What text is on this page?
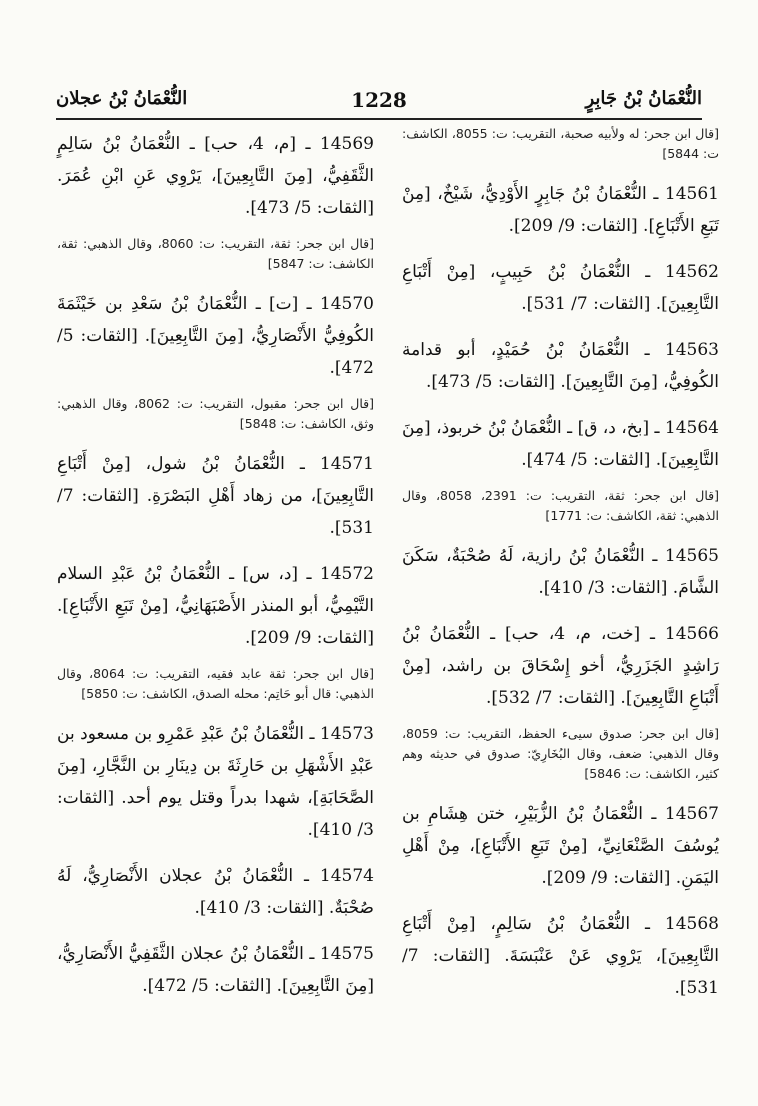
النُّعْمَانُ بْنُ جَابِرٍ
1228
النُّعْمَانُ بْنُ عجلان
[قال ابن جحر: له ولأبيه صحبة، التقريب: ت: 8055، الكاشف: ت: 5844]
14561 ـ النُّعْمَانُ بْنُ جَابِرٍ الأَوْدِيُّ، شَيْخٌ، [مِنْ تَبَعِ الأَتْبَاعِ]. [الثقات: 9/ 209].
14562 ـ النُّعْمَانُ بْنُ حَبِيبٍ، [مِنْ أَتْبَاعِ التَّابِعِينَ]. [الثقات: 7/ 531].
14563 ـ النُّعْمَانُ بْنُ حُمَيْدٍ، أبو قدامة الكُوفِيُّ، [مِنَ التَّابِعِينَ]. [الثقات: 5/ 473].
14564 ـ [بخ، د، ق] ـ النُّعْمَانُ بْنُ خربوذ، [مِنَ التَّابِعِينَ]. [الثقات: 5/ 474].
[قال ابن جحر: ثقة، التقريب: ت: 2391، 8058، وقال الذهبي: ثقة، الكاشف: ت: 1771]
14565 ـ النُّعْمَانُ بْنُ رازية، لَهُ صُحْبَةٌ، سَكَنَ الشَّامَ. [الثقات: 3/ 410].
14566 ـ [خت، م، 4، حب] ـ النُّعْمَانُ بْنُ رَاشِدٍ الجَزَرِيُّ، أخو إِسْحَاقَ بن راشد، [مِنْ أَتْبَاعِ التَّابِعِينَ]. [الثقات: 7/ 532].
[قال ابن جحر: صدوق سيىء الحفظ، التقريب: ت: 8059، وقال الذهبي: ضعف، وقال البُخَارِيّ: صدوق في حديثه وهم كثير، الكاشف: ت: 5846]
14567 ـ النُّعْمَانُ بْنُ الزُّبَيْرِ، ختن هِشَامِ بن يُوسُفَ الصَّنْعَانِيِّ، [مِنْ تَبَعِ الأَتْبَاعِ]، مِنْ أَهْلِ اليَمَنِ. [الثقات: 9/ 209].
14568 ـ النُّعْمَانُ بْنُ سَالِمٍ، [مِنْ أَتْبَاعِ التَّابِعِينَ]، يَرْوِي عَنْ عَنْبَسَةَ. [الثقات: 7/ 531].
14569 ـ [م، 4، حب] ـ النُّعْمَانُ بْنُ سَالِمٍ الثَّقَفِيُّ، [مِنَ التَّابِعِينَ]، يَرْوِي عَنِ ابْنِ عُمَرَ. [الثقات: 5/ 473].
[قال ابن جحر: ثقة، التقريب: ت: 8060، وقال الذهبي: ثقة، الكاشف: ت: 5847]
14570 ـ [ت] ـ النُّعْمَانُ بْنُ سَعْدِ بن خَيْثَمَةَ الكُوفِيُّ الأَنْصَارِيُّ، [مِنَ التَّابِعِينَ]. [الثقات: 5/ 472].
[قال ابن جحر: مقبول، التقريب: ت: 8062، وقال الذهبي: وثق، الكاشف: ت: 5848]
14571 ـ النُّعْمَانُ بْنُ شول، [مِنْ أَتْبَاعِ التَّابِعِينَ]، من زهاد أَهْلِ البَصْرَةِ. [الثقات: 7/ 531].
14572 ـ [د، س] ـ النُّعْمَانُ بْنُ عَبْدِ السلام التَّيْمِيُّ، أبو المنذر الأَصْبَهَانِيُّ، [مِنْ تَبَعِ الأَتْبَاعِ]. [الثقات: 9/ 209].
[قال ابن جحر: ثقة عابد فقيه، التقريب: ت: 8064، وقال الذهبي: قال أبو حَاتِم: محله الصدق، الكاشف: ت: 5850]
14573 ـ النُّعْمَانُ بْنُ عَبْدِ عَمْرِو بن مسعود بن عَبْدِ الأَشْهَلِ بن حَارِثَةَ بن دِينَارِ بن النَّجَّارِ، [مِنَ الصَّحَابَةِ]، شهدا بدراً وقتل يوم أحد. [الثقات: 3/ 410].
14574 ـ النُّعْمَانُ بْنُ عجلان الأَنْصَارِيُّ، لَهُ صُحْبَةٌ. [الثقات: 3/ 410].
14575 ـ النُّعْمَانُ بْنُ عجلان الثَّقَفِيُّ الأَنْصَارِيُّ، [مِنَ التَّابِعِينَ]. [الثقات: 5/ 472].
